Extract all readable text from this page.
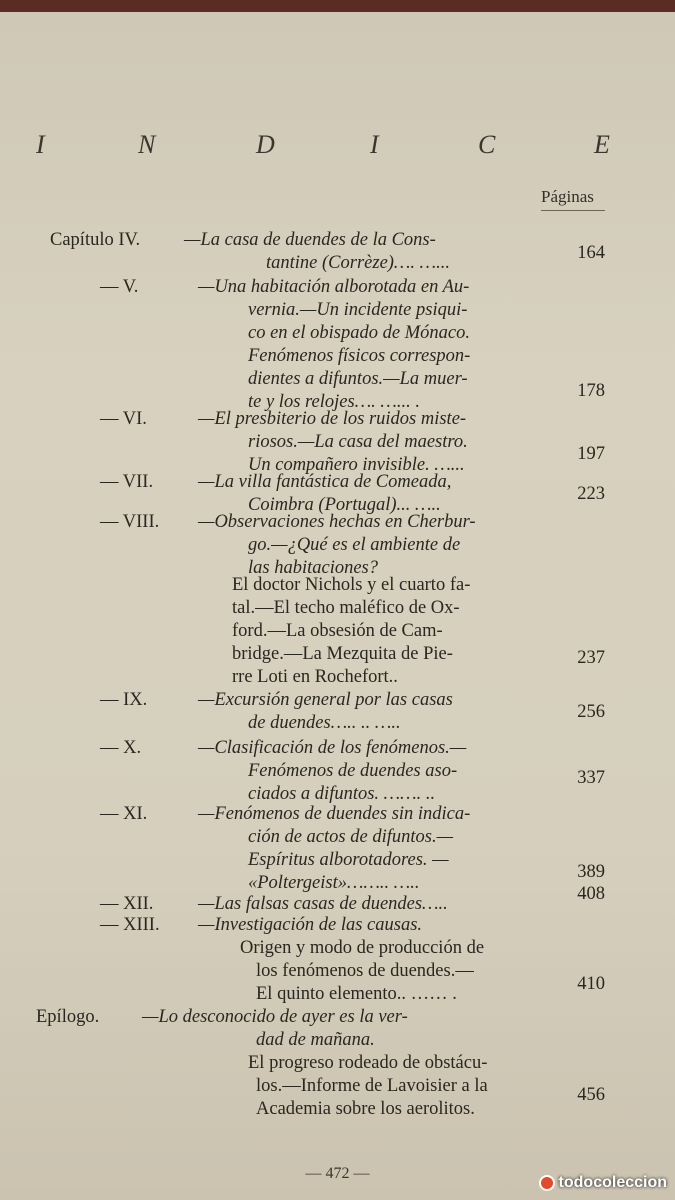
I	N	D	I	C	E
Páginas
Capítulo IV. —La casa de duendes de la Cons-
tantine (Corrèze)…. …...	164
— V.	—Una habitación alborotada en Au-
vernia.—Un incidente psiqui-
co en el obispado de Mónaco.
Fenómenos físicos correspon-
dientes a difuntos.—La muer-
te y los relojes…. …... .
178
— VI.	—El presbiterio de los ruidos miste-
riosos.—La casa del maestro.
Un compañero invisible. …...
197
— VII. —La villa fantástica de Comeada,
Coimbra (Portugal)... …..
223
— VIII. —Observaciones hechas en Cherbur-
go.—¿Qué es el ambiente de
las habitaciones?
El doctor Nichols y el cuarto fa-
tal.—El techo maléfico de Ox-
ford.—La obsesión de Cam-
bridge.—La Mezquita de Pie-
rre Loti en Rochefort..
237
— IX.	—Excursión general por las casas
de duendes….. .. …..
256
— X.	—Clasificación de los fenómenos.—
Fenómenos de duendes aso-
ciados a difuntos. ……. ..
337
— XI.	—Fenómenos de duendes sin indica-
ción de actos de difuntos.—
Espíritus alborotadores. —
«Poltergeist»…….. …..
389
— XII. —Las falsas casas de duendes…..	408
— XIII. —Investigación de las causas.
Origen y modo de producción de
los fenómenos de duendes.—
El quinto elemento.. …… .	410
Epílogo. —Lo desconocido de ayer es la ver-
dad de mañana.
El progreso rodeado de obstácu-
los.—Informe de Lavoisier a la
Academia sobre los aerolitos.
456
— 472 —
todocoleccion
